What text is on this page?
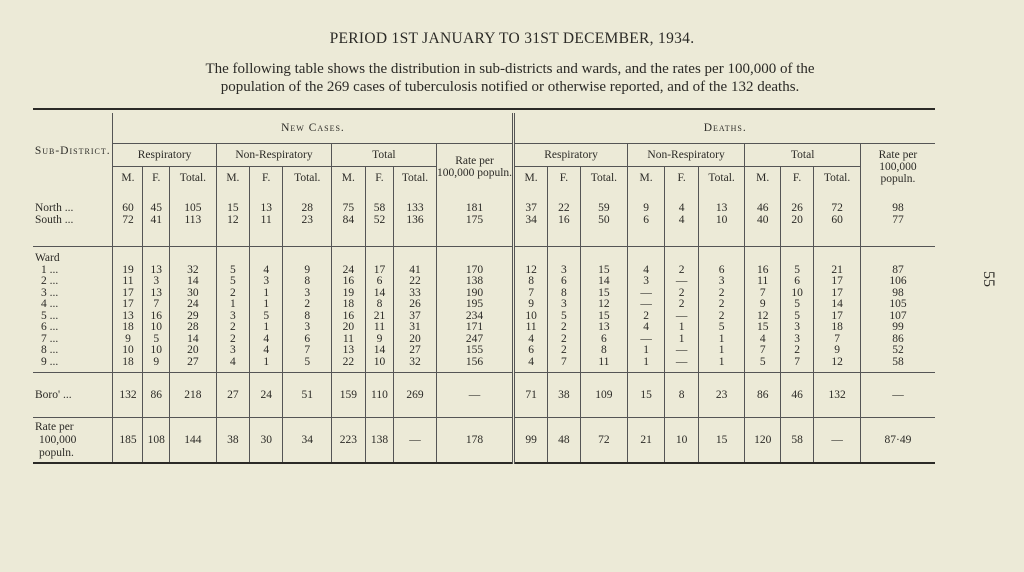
PERIOD 1ST JANUARY TO 31ST DECEMBER, 1934.
The following table shows the distribution in sub-districts and wards, and the rates per 100,000 of the
population of the 269 cases of tuberculosis notified or otherwise reported, and of the 132 deaths.
55
Sub-District.	New Cases.										Deaths.									
	Respiratory			Non-Respiratory			Total			Rate per 100,000 populn.	Respiratory			Non-Respiratory			Total			Rate per 100,000 populn.
	M.	F.	Total.	M.	F.	Total.	M.	F.	Total.		M.	F.	Total.	M.	F.	Total.	M.	F.	Total.	

North ...	60	45	105	15	13	28	75	58	133	181	37	22	59	9	4	13	46	26	72	98
South ...	72	41	113	12	11	23	84	52	136	175	34	16	50	6	4	10	40	20	60	77

Ward																				
1 ...	19	13	32	5	4	9	24	17	41	170	12	3	15	4	2	6	16	5	21	87
2 ...	11	3	14	5	3	8	16	6	22	138	8	6	14	3	—	3	11	6	17	106
3 ...	17	13	30	2	1	3	19	14	33	190	7	8	15	—	2	2	7	10	17	98
4 ...	17	7	24	1	1	2	18	8	26	195	9	3	12	—	2	2	9	5	14	105
5 ...	13	16	29	3	5	8	16	21	37	234	10	5	15	2	—	2	12	5	17	107
6 ...	18	10	28	2	1	3	20	11	31	171	11	2	13	4	1	5	15	3	18	99
7 ...	9	5	14	2	4	6	11	9	20	247	4	2	6	—	1	1	4	3	7	86
8 ...	10	10	20	3	4	7	13	14	27	155	6	2	8	1	—	1	7	2	9	52
9 ...	18	9	27	4	1	5	22	10	32	156	4	7	11	1	—	1	5	7	12	58

Boro' ...	132	86	218	27	24	51	159	110	269	—	71	38	109	15	8	23	86	46	132	—

Rate per
100,000
populn.	185	108	144	38	30	34	223	138	—	178	99	48	72	21	10	15	120	58	—	87·49
